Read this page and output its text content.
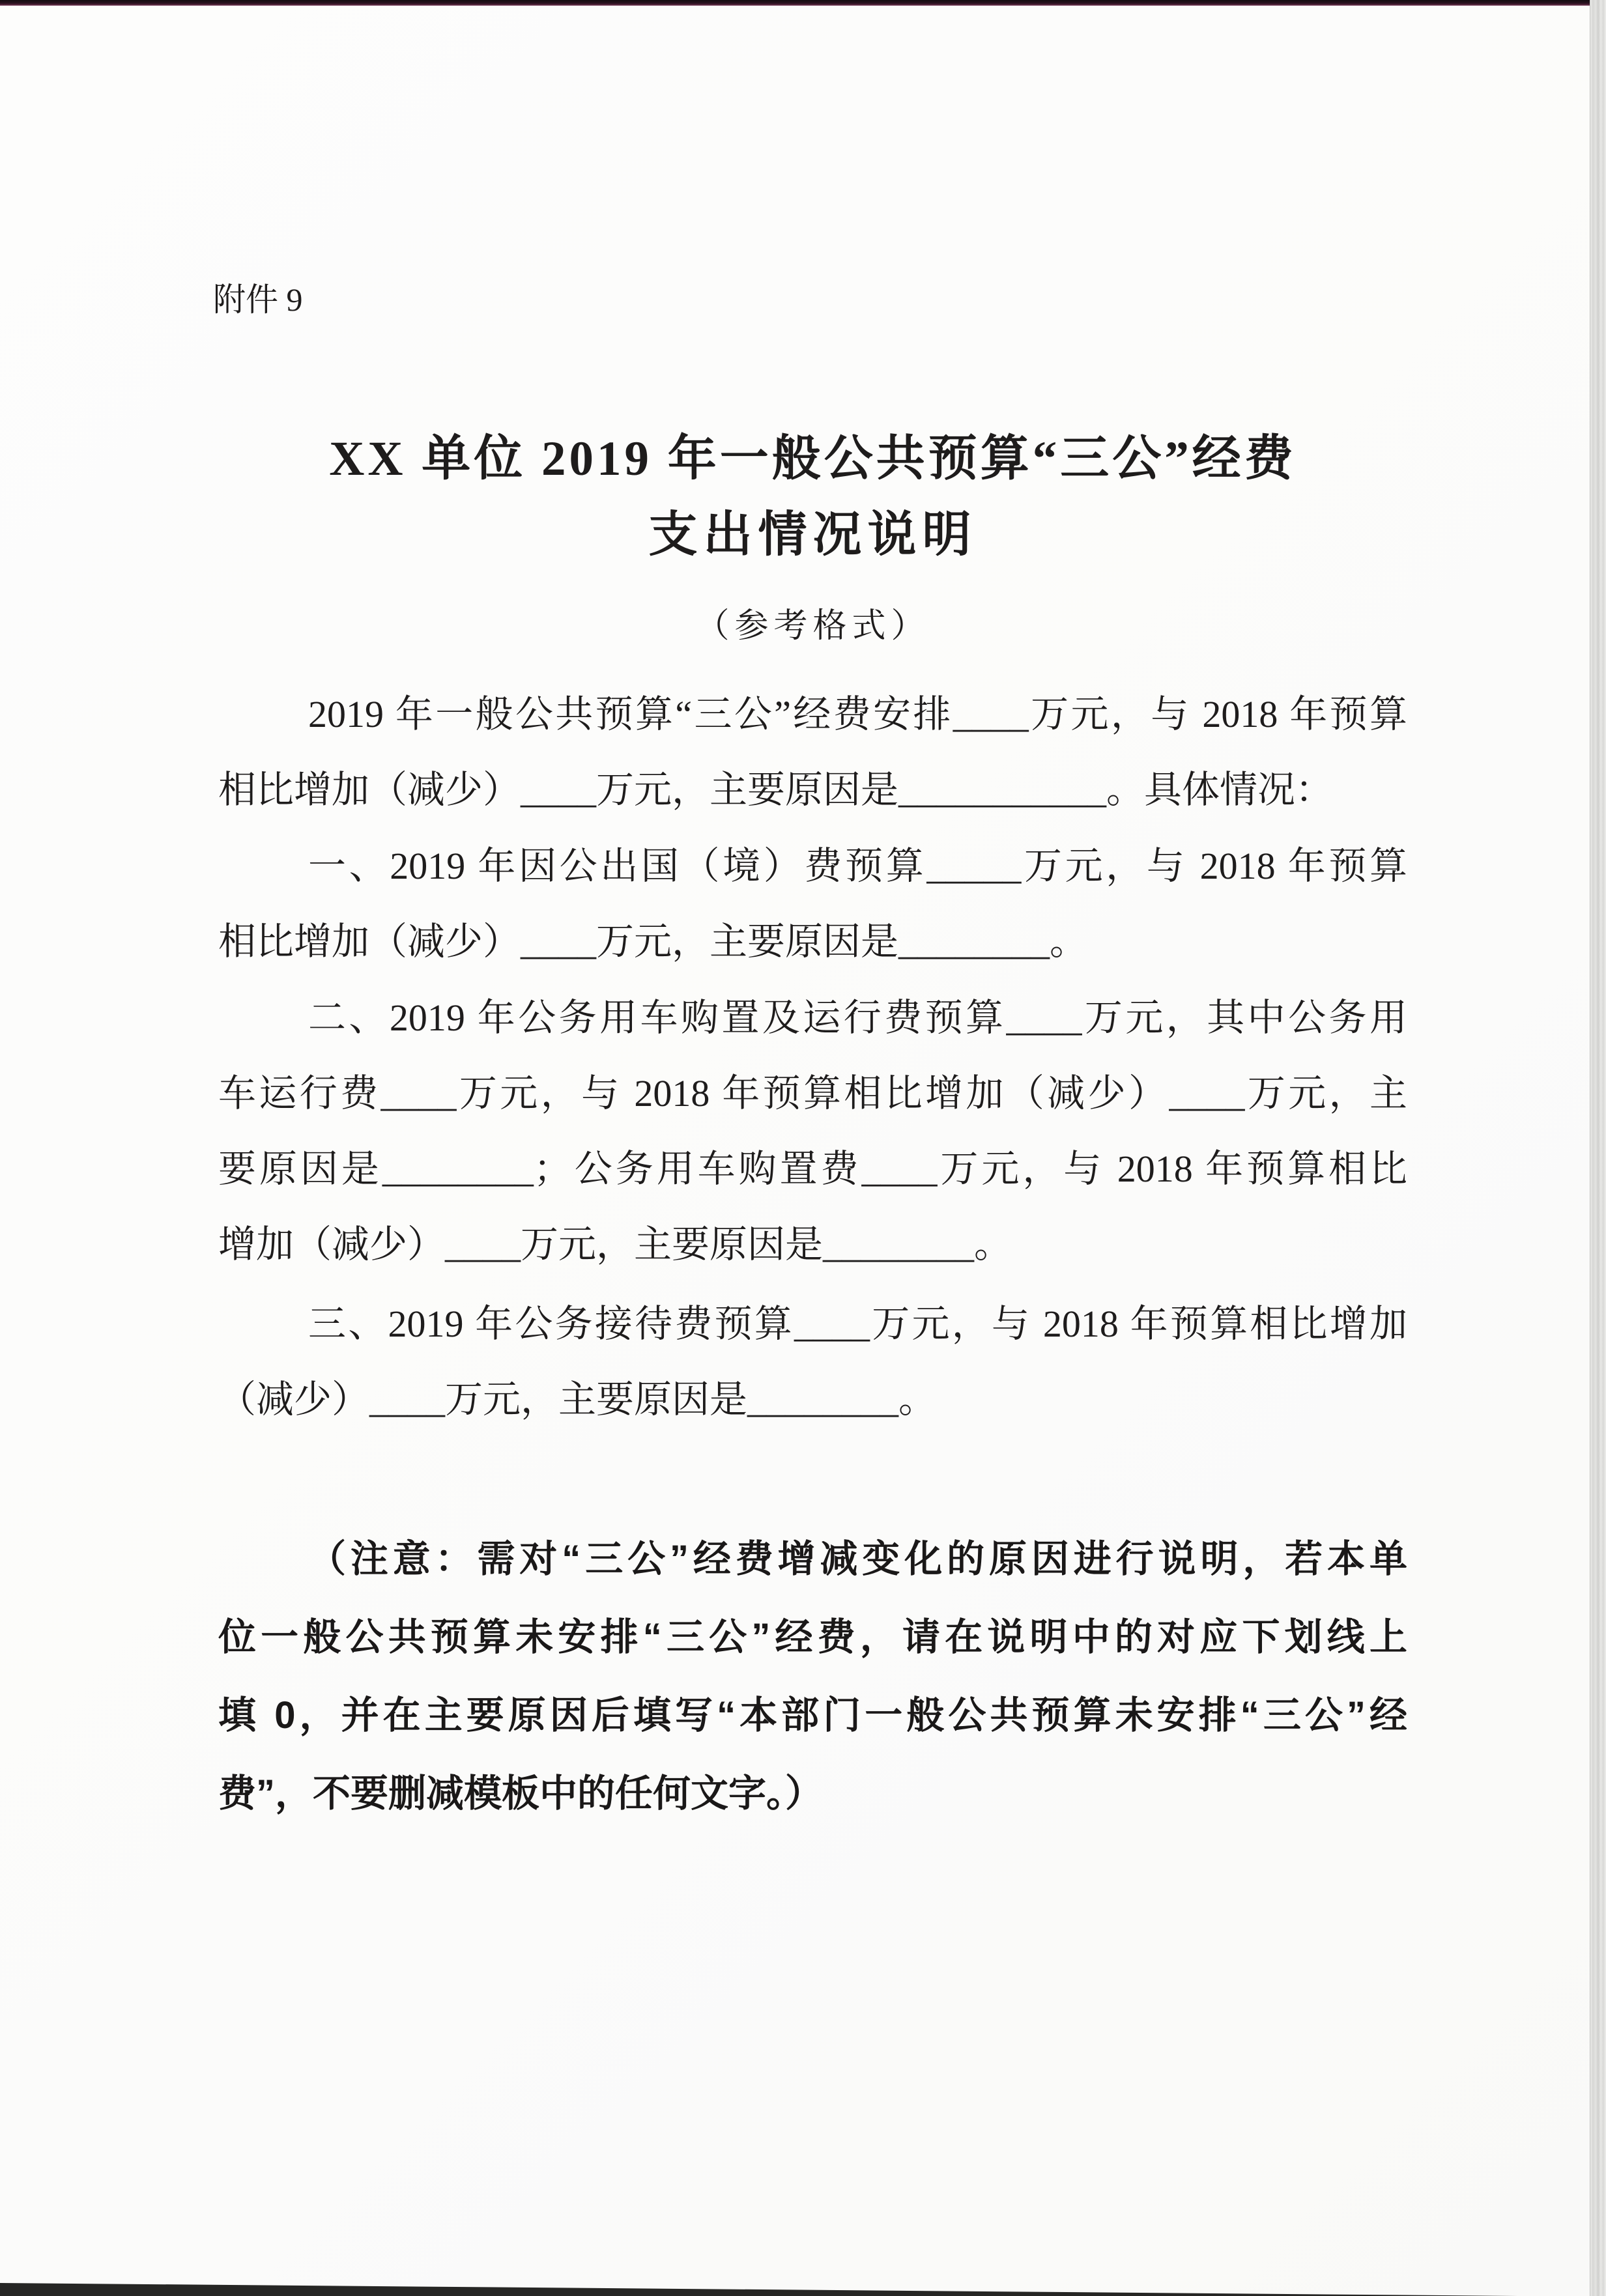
附件 9
XX 单位 2019 年一般公共预算“三公”经费
支出情况说明
（参考格式）
2019 年一般公共预算“三公”经费安排____万元，与 2018 年预算
相比增加（减少）____万元，主要原因是___________。具体情况：
一、2019 年因公出国（境）费预算_____万元，与 2018 年预算
相比增加（减少）____万元，主要原因是________。
二、2019 年公务用车购置及运行费预算____万元，其中公务用
车运行费____万元，与 2018 年预算相比增加（减少）____万元，主
要原因是________；公务用车购置费____万元，与 2018 年预算相比
增加（减少）____万元，主要原因是________。
三、2019 年公务接待费预算____万元，与 2018 年预算相比增加
（减少）____万元，主要原因是________。
（注意：需对“三公”经费增减变化的原因进行说明，若本单
位一般公共预算未安排“三公”经费，请在说明中的对应下划线上
填 0，并在主要原因后填写“本部门一般公共预算未安排“三公”经
费”，不要删减模板中的任何文字。）
